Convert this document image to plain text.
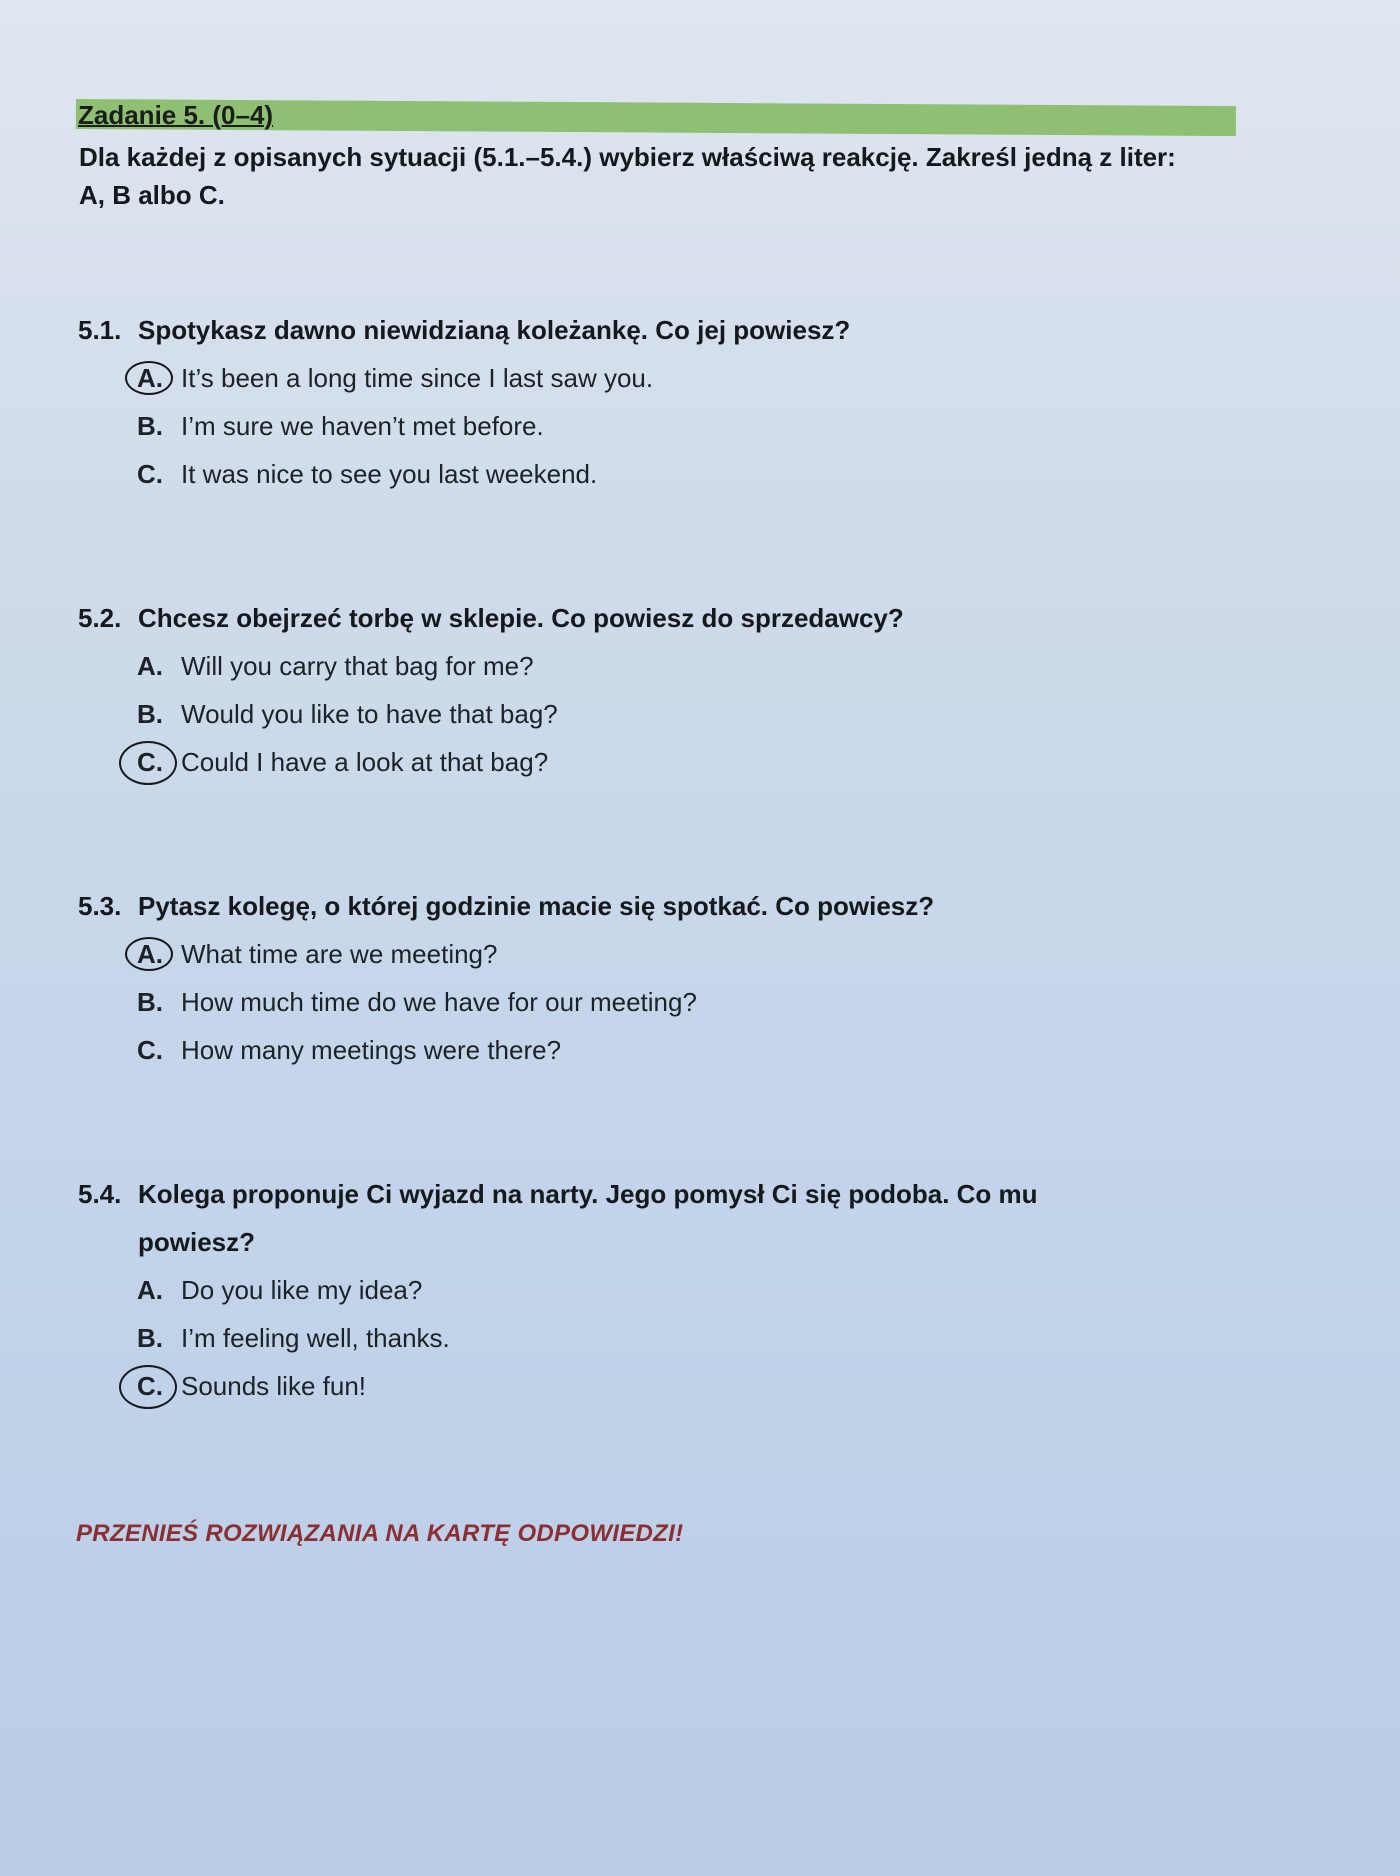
Zadanie 5. (0–4)
Dla każdej z opisanych sytuacji (5.1.–5.4.) wybierz właściwą reakcję. Zakreśl jedną z liter: A, B albo C.
5.1. Spotykasz dawno niewidzianą koleżankę. Co jej powiesz?
A. It’s been a long time since I last saw you.
B. I’m sure we haven’t met before.
C. It was nice to see you last weekend.
5.2. Chcesz obejrzeć torbę w sklepie. Co powiesz do sprzedawcy?
A. Will you carry that bag for me?
B. Would you like to have that bag?
C. Could I have a look at that bag?
5.3. Pytasz kolegę, o której godzinie macie się spotkać. Co powiesz?
A. What time are we meeting?
B. How much time do we have for our meeting?
C. How many meetings were there?
5.4. Kolega proponuje Ci wyjazd na narty. Jego pomysł Ci się podoba. Co mu powiesz?
A. Do you like my idea?
B. I’m feeling well, thanks.
C. Sounds like fun!
PRZENIEŚ ROZWIĄZANIA NA KARTĘ ODPOWIEDZI!
